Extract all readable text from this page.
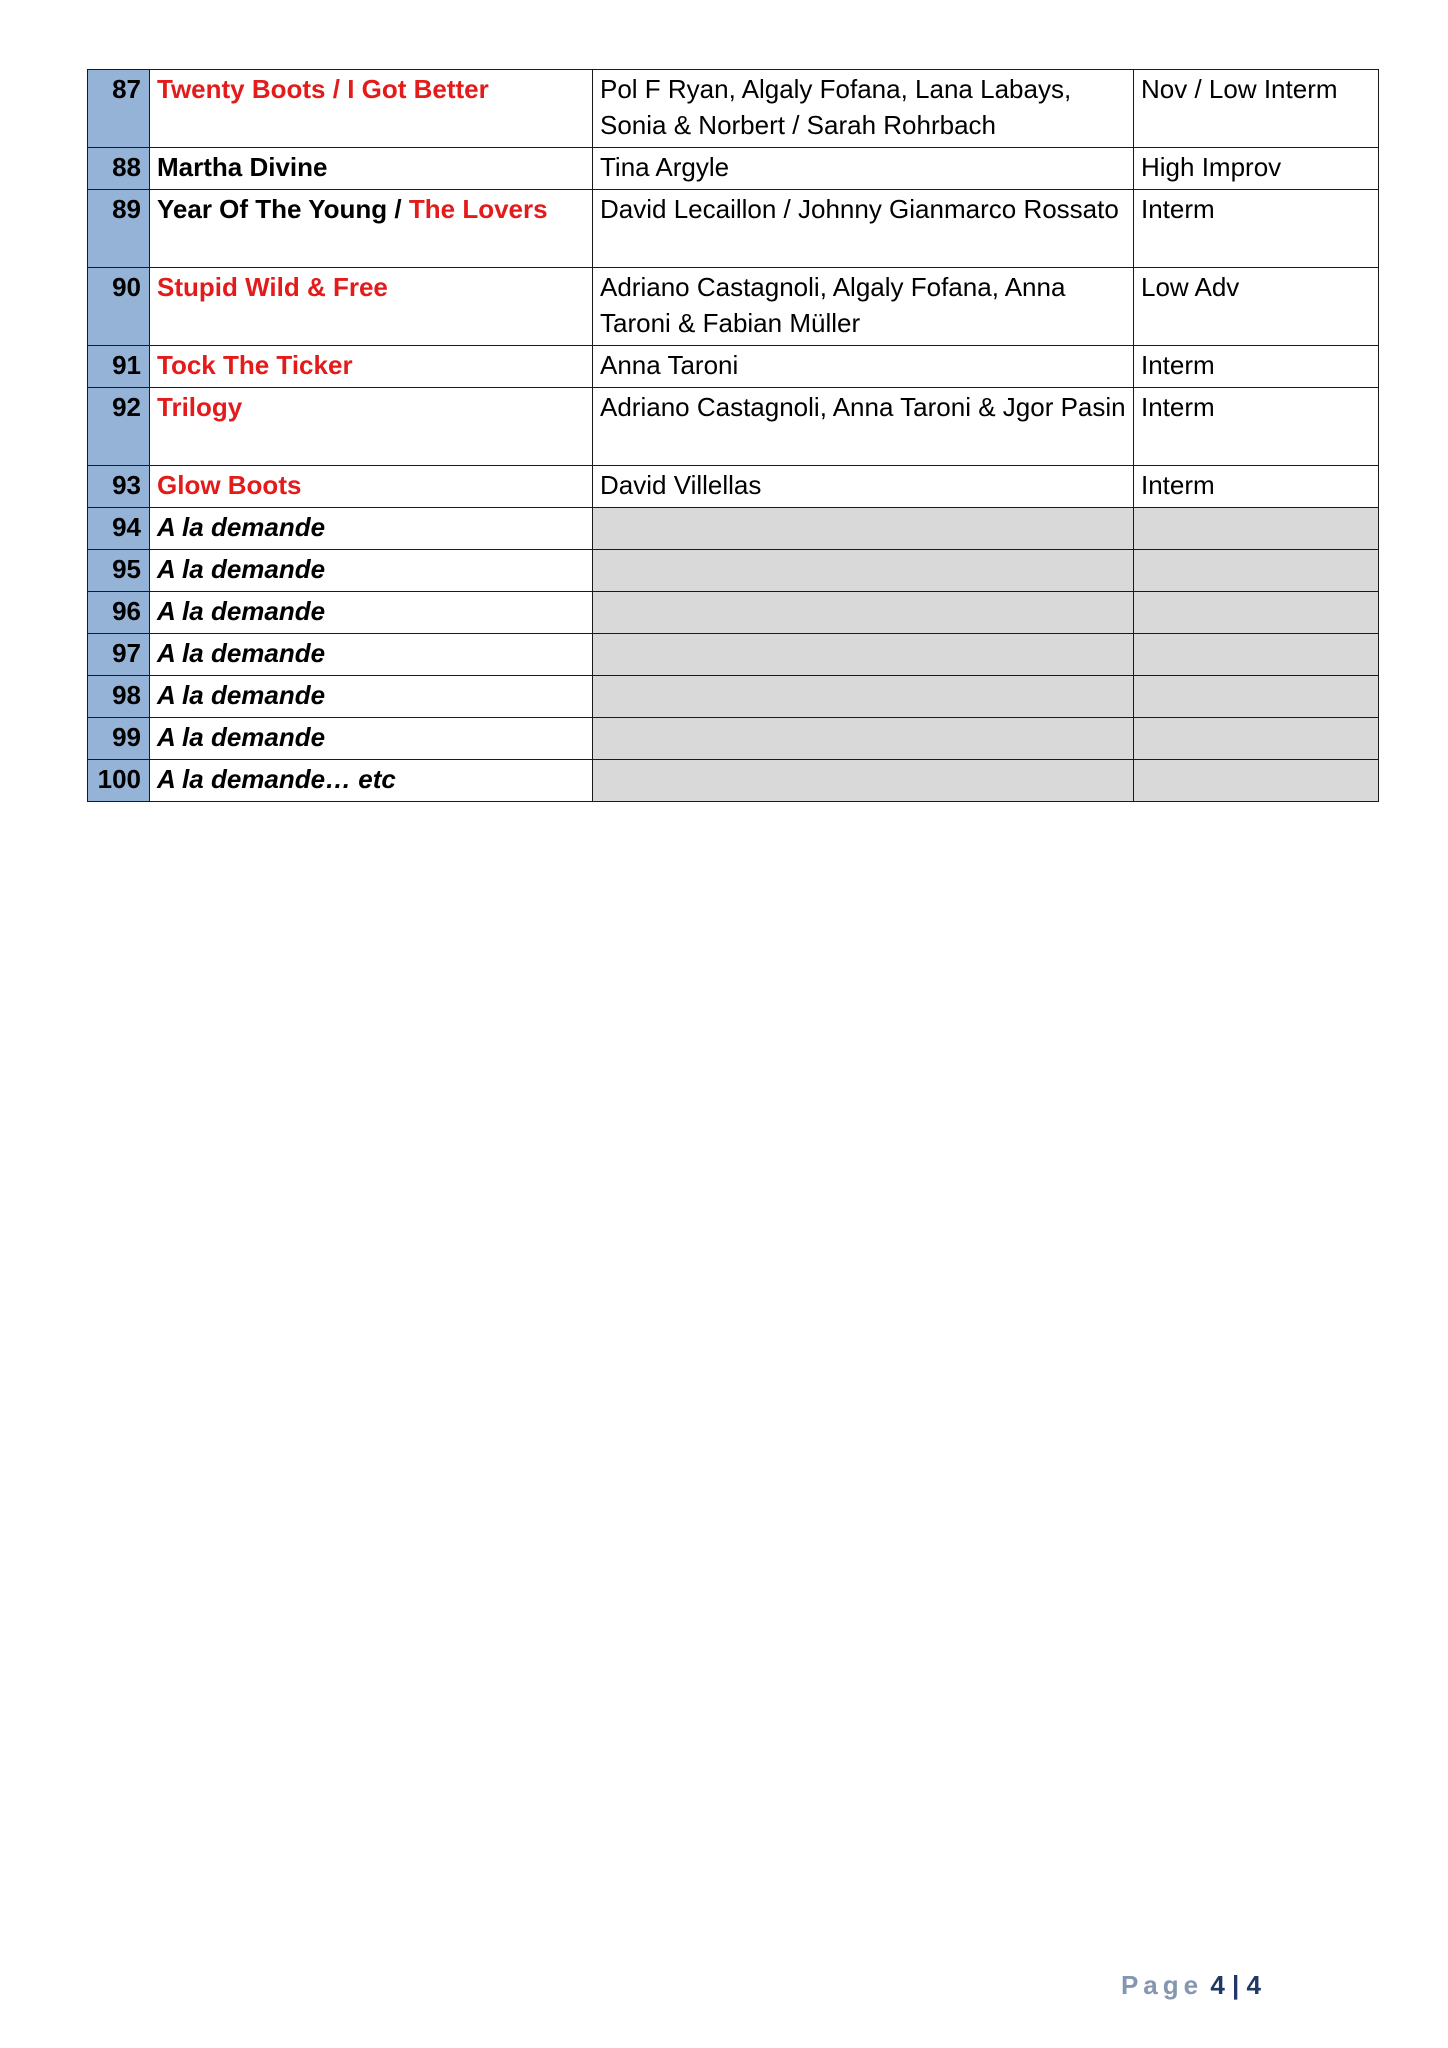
87	Twenty Boots / I Got Better	Pol F Ryan, Algaly Fofana, Lana Labays, Sonia & Norbert / Sarah Rohrbach	Nov / Low Interm
88	Martha Divine	Tina Argyle	High Improv
89	Year Of The Young / The Lovers	David Lecaillon / Johnny Gianmarco Rossato	Interm
90	Stupid Wild & Free	Adriano Castagnoli, Algaly Fofana, Anna Taroni & Fabian Müller	Low Adv
91	Tock The Ticker	Anna Taroni	Interm
92	Trilogy	Adriano Castagnoli, Anna Taroni & Jgor Pasin	Interm
93	Glow Boots	David Villellas	Interm
94	A la demande		
95	A la demande		
96	A la demande		
97	A la demande		
98	A la demande		
99	A la demande		
100	A la demande… etc		
Page 4 | 4
